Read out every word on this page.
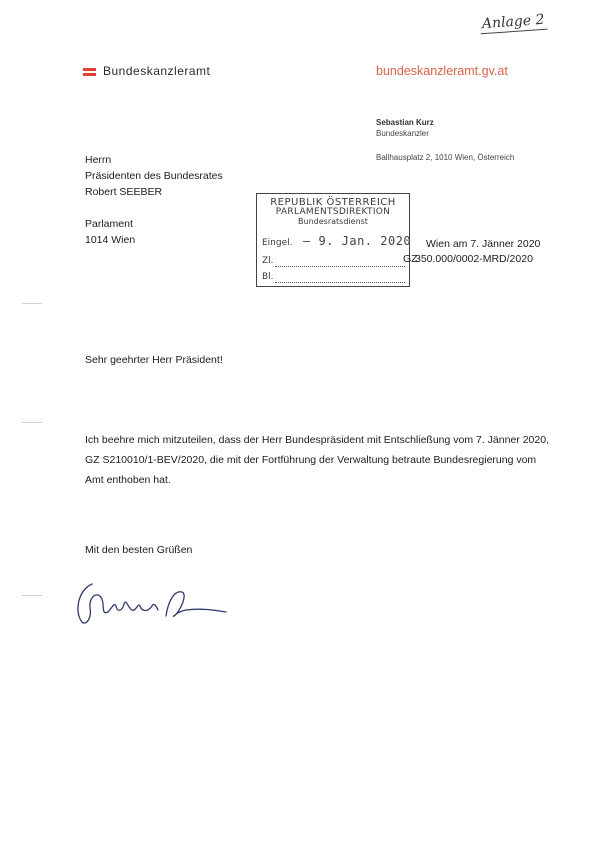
Anlage 2
Bundeskanzleramt	bundeskanzleramt.gv.at
Sebastian Kurz
Bundeskanzler
Ballhausplatz 2, 1010 Wien, Österreich
Herrn
Präsidenten des Bundesrates
Robert SEEBER
Parlament
1014 Wien
REPUBLIK ÖSTERREICH
PARLAMENTSDIREKTION
Bundesratsdienst
Eingel. – 9. Jan. 2020
Zl.
Bl.
Wien am 7. Jänner 2020
GZ
350.000/0002-MRD/2020
Sehr geehrter Herr Präsident!
Ich beehre mich mitzuteilen, dass der Herr Bundespräsident mit Entschließung vom 7. Jänner 2020,
GZ S210010/1-BEV/2020, die mit der Fortführung der Verwaltung betraute Bundesregierung vom
Amt enthoben hat.
Mit den besten Grüßen
